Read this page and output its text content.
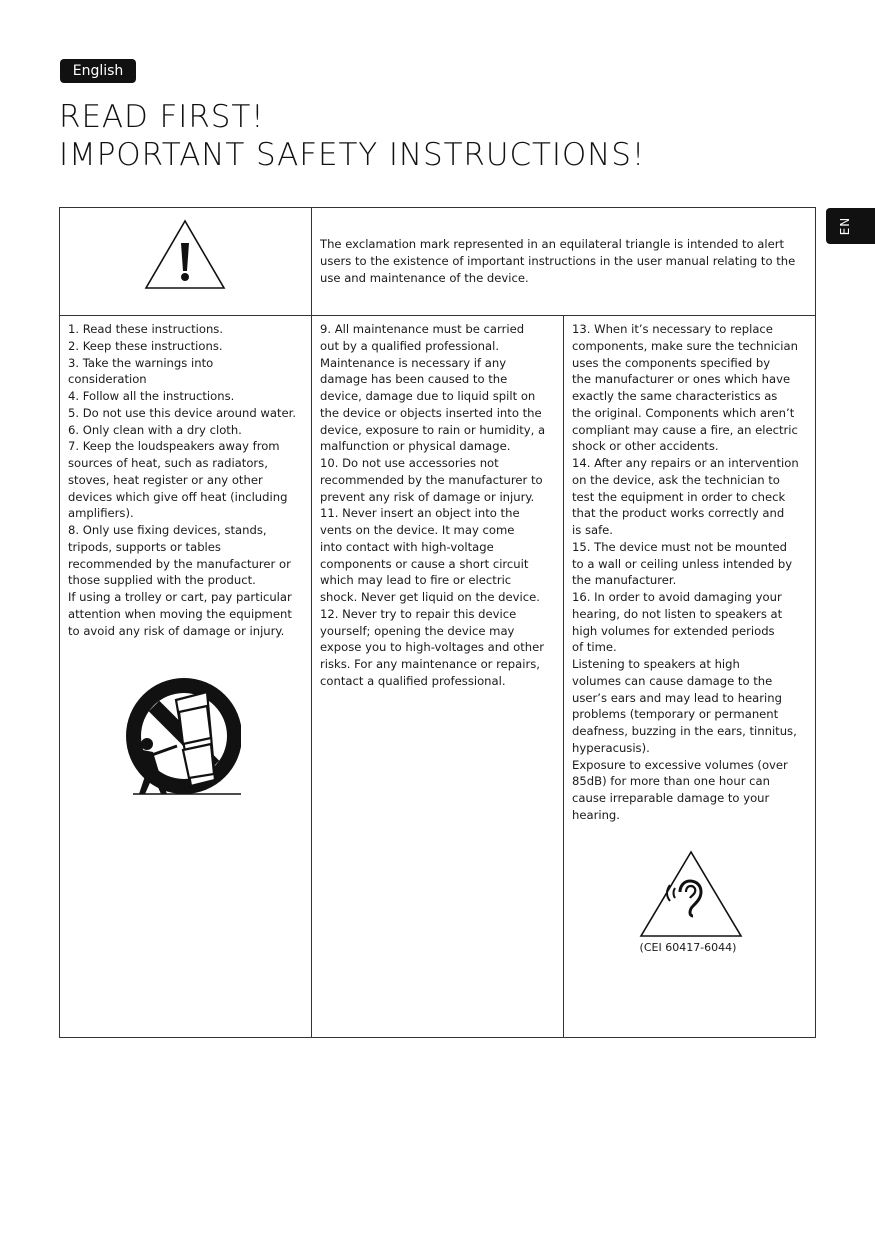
English
READ FIRST!
IMPORTANT SAFETY INSTRUCTIONS!
EN

The exclamation mark represented in an equilateral triangle is intended to alert users to the existence of important instructions in the user manual relating to the use and maintenance of the device.

1. Read these instructions.

2. Keep these instructions.

3. Take the warnings into

consideration

4. Follow all the instructions.

5. Do not use this device around water.

6. Only clean with a dry cloth.

7. Keep the loudspeakers away from

sources of heat, such as radiators,

stoves, heat register or any other

devices which give off heat (including

amplifiers).

8. Only use fixing devices, stands,

tripods, supports or tables

recommended by the manufacturer or

those supplied with the product.

If using a trolley or cart, pay particular

attention when moving the equipment

to avoid any risk of damage or injury.

9. All maintenance must be carried

out by a qualified professional.

Maintenance is necessary if any

damage has been caused to the

device, damage due to liquid spilt on

the device or objects inserted into the

device, exposure to rain or humidity, a

malfunction or physical damage.

10. Do not use accessories not

recommended by the manufacturer to

prevent any risk of damage or injury.

11. Never insert an object into the

vents on the device. It may come

into contact with high-voltage

components or cause a short circuit

which may lead to fire or electric

shock. Never get liquid on the device.

12. Never try to repair this device

yourself; opening the device may

expose you to high-voltages and other

risks. For any maintenance or repairs,

contact a qualified professional.

13. When it’s necessary to replace

components, make sure the technician

uses the components specified by

the manufacturer or ones which have

exactly the same characteristics as

the original. Components which aren’t

compliant may cause a fire, an electric

shock or other accidents.

14. After any repairs or an intervention

on the device, ask the technician to

test the equipment in order to check

that the product works correctly and

is safe.

15. The device must not be mounted

to a wall or ceiling unless intended by

the manufacturer.

16. In order to avoid damaging your

hearing, do not listen to speakers at

high volumes for extended periods

of time.

Listening to speakers at high

volumes can cause damage to the

user’s ears and may lead to hearing

problems (temporary or permanent

deafness, buzzing in the ears, tinnitus,

hyperacusis).

Exposure to excessive volumes (over

85dB) for more than one hour can

cause irreparable damage to your

hearing.

(CEI 60417-6044)
